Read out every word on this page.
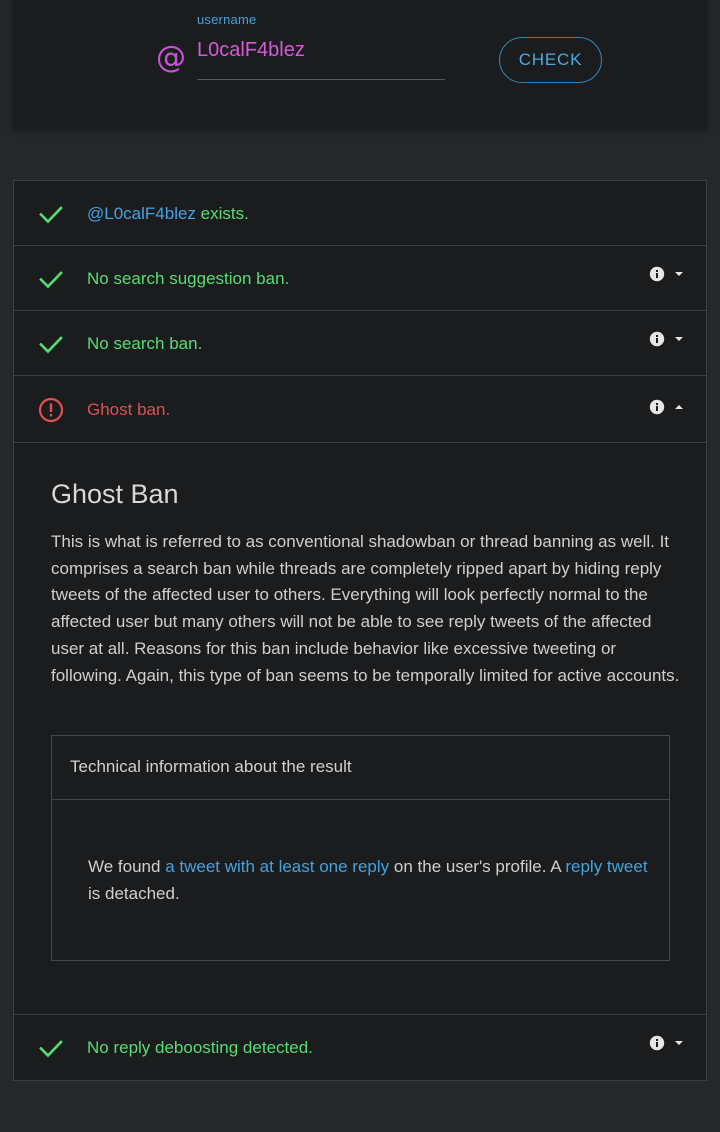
@
username
L0calF4blez
CHECK
@L0calF4blez exists.
No search suggestion ban.
No search ban.
Ghost ban.
Ghost Ban
This is what is referred to as conventional shadowban or thread banning as well. It comprises a search ban while threads are completely ripped apart by hiding reply tweets of the affected user to others. Everything will look perfectly normal to the affected user but many others will not be able to see reply tweets of the affected user at all. Reasons for this ban include behavior like excessive tweeting or following. Again, this type of ban seems to be temporally limited for active accounts.
Technical information about the result
We found a tweet with at least one reply on the user's profile. A reply tweet is detached.
No reply deboosting detected.
